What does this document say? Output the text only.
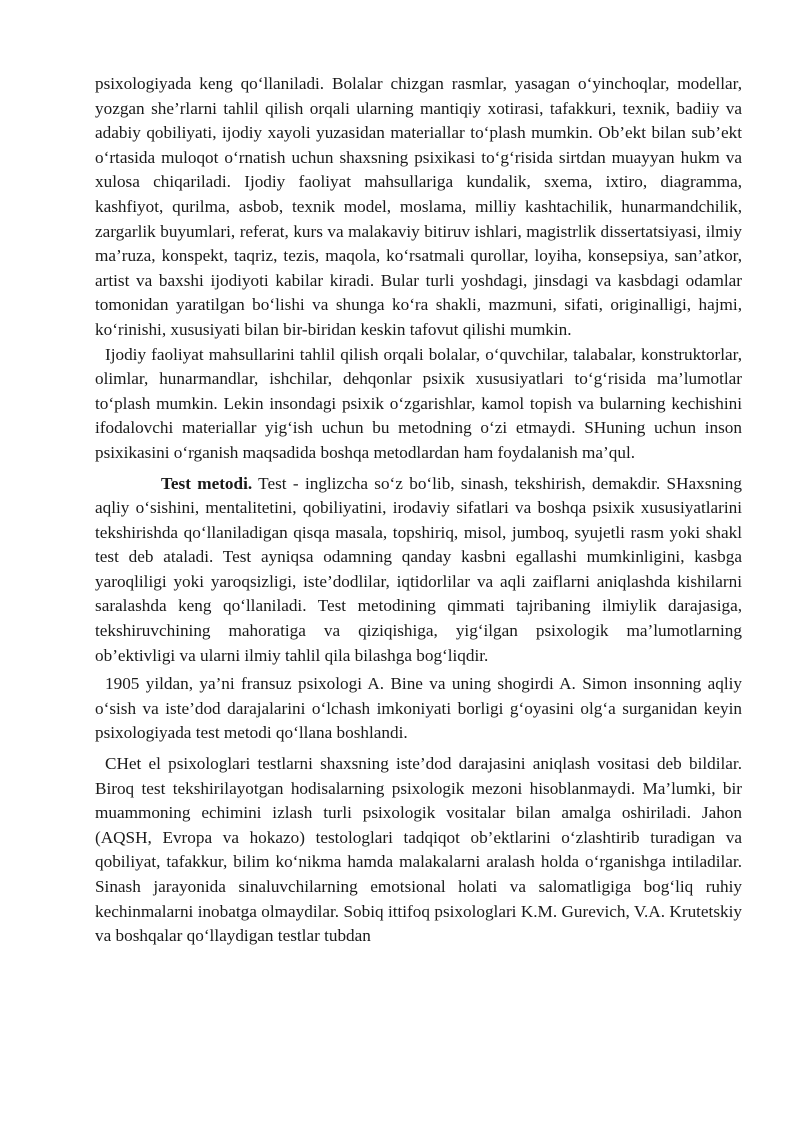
psixologiyada keng qo‘llaniladi. Bolalar chizgan rasmlar, yasagan o‘yinchoqlar, modellar, yozgan she’rlarni tahlil qilish orqali ularning mantiqiy xotirasi, tafakkuri, texnik, badiiy va adabiy qobiliyati, ijodiy xayoli yuzasidan materiallar to‘plash mumkin. Ob’ekt bilan sub’ekt o‘rtasida muloqot o‘rnatish uchun shaxsning psixikasi to‘g‘risida sirtdan muayyan hukm va xulosa chiqariladi. Ijodiy faoliyat mahsullariga kundalik, sxema, ixtiro, diagramma, kashfiyot, qurilma, asbob, texnik model, moslama, milliy kashtachilik, hunarmandchilik, zargarlik buyumlari, referat, kurs va malakaviy bitiruv ishlari, magistrlik dissertatsiyasi, ilmiy ma’ruza, konspekt, taqriz, tezis, maqola, ko‘rsatmali qurollar, loyiha, konsepsiya, san’atkor, artist va baxshi ijodiyoti kabilar kiradi. Bular turli yoshdagi, jinsdagi va kasbdagi odamlar tomonidan yaratilgan bo‘lishi va shunga ko‘ra shakli, mazmuni, sifati, originalligi, hajmi, ko‘rinishi, xususiyati bilan bir-biridan keskin tafovut qilishi mumkin.

Ijodiy faoliyat mahsullarini tahlil qilish orqali bolalar, o‘quvchilar, talabalar, konstruktorlar, olimlar, hunarmandlar, ishchilar, dehqonlar psixik xususiyatlari to‘g‘risida ma’lumotlar to‘plash mumkin. Lekin insondagi psixik o‘zgarishlar, kamol topish va bularning kechishini ifodalovchi materiallar yig‘ish uchun bu metodning o‘zi etmaydi. SHuning uchun inson psixikasini o‘rganish maqsadida boshqa metodlardan ham foydalanish ma’qul.

Test metodi. Test - inglizcha so‘z bo‘lib, sinash, tekshirish, demakdir. SHaxsning aqliy o‘sishini, mentalitetini, qobiliyatini, irodaviy sifatlari va boshqa psixik xususiyatlarini tekshirishda qo‘llaniladigan qisqa masala, topshiriq, misol, jumboq, syujetli rasm yoki shakl test deb ataladi. Test ayniqsa odamning qanday kasbni egallashi mumkinligini, kasbga yaroqliligi yoki yaroqsizligi, iste’dodlilar, iqtidorlilar va aqli zaiflarni aniqlashda kishilarni saralashda keng qo‘llaniladi. Test metodining qimmati tajribaning ilmiylik darajasiga, tekshiruvchining mahoratiga va qiziqishiga, yig‘ilgan psixologik ma’lumotlarning ob’ektivligi va ularni ilmiy tahlil qila bilashga bog‘liqdir.

1905 yildan, ya’ni fransuz psixologi A. Bine va uning shogirdi A. Simon insonning aqliy o‘sish va iste’dod darajalarini o‘lchash imkoniyati borligi g‘oyasini olg‘a surganidan keyin psixologiyada test metodi qo‘llana boshlandi.

CHet el psixologlari testlarni shaxsning iste’dod darajasini aniqlash vositasi deb bildilar. Biroq test tekshirilayotgan hodisalarning psixologik mezoni hisoblanmaydi. Ma’lumki, bir muammoning echimini izlash turli psixologik vositalar bilan amalga oshiriladi. Jahon (AQSH, Evropa va hokazo) testologlari tadqiqot ob’ektlarini o‘zlashtirib turadigan va qobiliyat, tafakkur, bilim ko‘nikma hamda malakalarni aralash holda o‘rganishga intiladilar. Sinash jarayonida sinaluvchilarning emotsional holati va salomatligiga bog‘liq ruhiy kechinmalarni inobatga olmaydilar. Sobiq ittifoq psixologlari K.M. Gurevich, V.A. Krutetskiy va boshqalar qo‘llaydigan testlar tubdan
